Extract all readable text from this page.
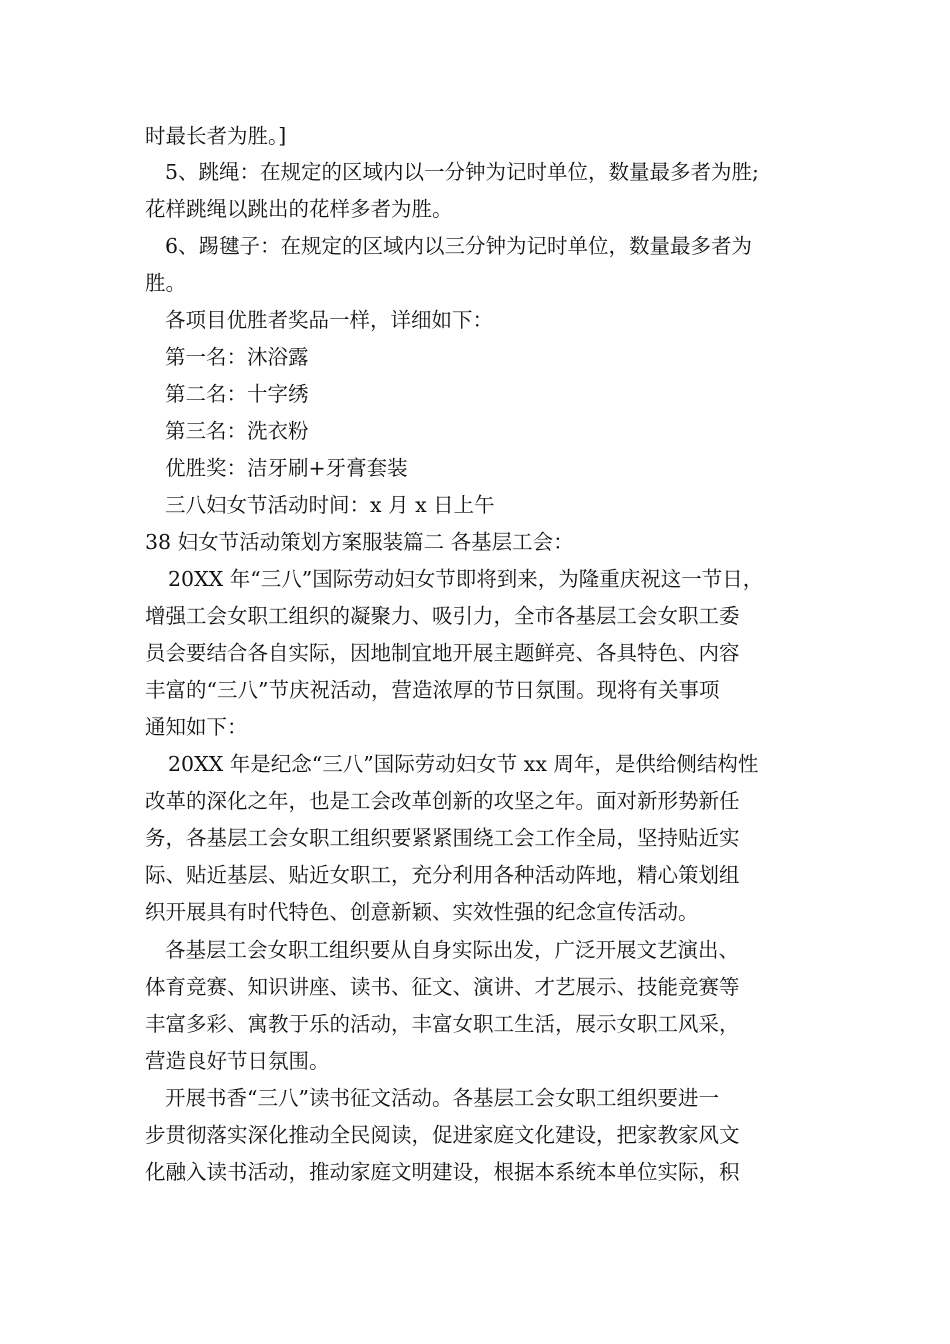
时最长者为胜。]
5、跳绳：在规定的区域内以一分钟为记时单位，数量最多者为胜;
花样跳绳以跳出的花样多者为胜。
6、踢毽子：在规定的区域内以三分钟为记时单位，数量最多者为
胜。
各项目优胜者奖品一样，详细如下：
第一名：沐浴露
第二名：十字绣
第三名：洗衣粉
优胜奖：洁牙刷+牙膏套装
三八妇女节活动时间：x 月 x 日上午
38 妇女节活动策划方案服装篇二 各基层工会：
20XX 年“三八”国际劳动妇女节即将到来，为隆重庆祝这一节日，
增强工会女职工组织的凝聚力、吸引力，全市各基层工会女职工委
员会要结合各自实际，因地制宜地开展主题鲜亮、各具特色、内容
丰富的“三八”节庆祝活动，营造浓厚的节日氛围。现将有关事项
通知如下：
20XX 年是纪念“三八”国际劳动妇女节 xx 周年，是供给侧结构性
改革的深化之年，也是工会改革创新的攻坚之年。面对新形势新任
务，各基层工会女职工组织要紧紧围绕工会工作全局，坚持贴近实
际、贴近基层、贴近女职工，充分利用各种活动阵地，精心策划组
织开展具有时代特色、创意新颖、实效性强的纪念宣传活动。
各基层工会女职工组织要从自身实际出发，广泛开展文艺演出、
体育竞赛、知识讲座、读书、征文、演讲、才艺展示、技能竞赛等
丰富多彩、寓教于乐的活动，丰富女职工生活，展示女职工风采，
营造良好节日氛围。
开展书香“三八”读书征文活动。各基层工会女职工组织要进一
步贯彻落实深化推动全民阅读，促进家庭文化建设，把家教家风文
化融入读书活动，推动家庭文明建设，根据本系统本单位实际，积
